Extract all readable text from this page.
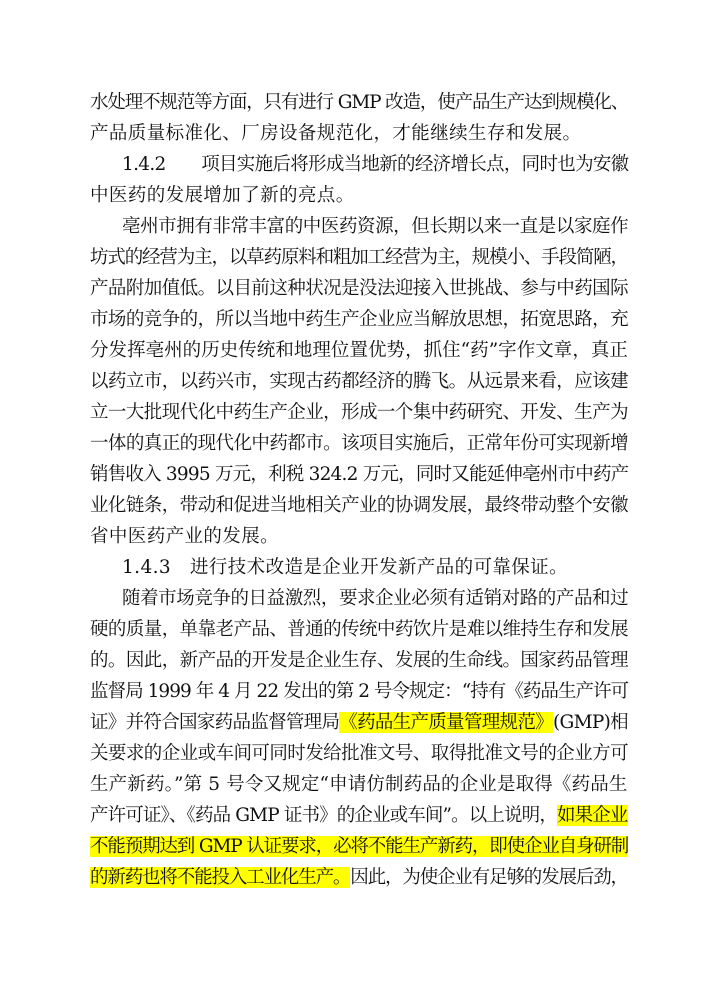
水处理不规范等方面，只有进行 GMP 改造，使产品生产达到规模化、
产品质量标准化、厂房设备规范化，才能继续生存和发展。
1.4.2　　项目实施后将形成当地新的经济增长点，同时也为安徽
中医药的发展增加了新的亮点。
亳州市拥有非常丰富的中医药资源，但长期以来一直是以家庭作
坊式的经营为主，以草药原料和粗加工经营为主，规模小、手段简陋，
产品附加值低。以目前这种状况是没法迎接入世挑战、参与中药国际
市场的竞争的，所以当地中药生产企业应当解放思想，拓宽思路，充
分发挥亳州的历史传统和地理位置优势，抓住“药”字作文章，真正
以药立市，以药兴市，实现古药都经济的腾飞。从远景来看，应该建
立一大批现代化中药生产企业，形成一个集中药研究、开发、生产为
一体的真正的现代化中药都市。该项目实施后，正常年份可实现新增
销售收入 3995 万元，利税 324.2 万元，同时又能延伸亳州市中药产
业化链条，带动和促进当地相关产业的协调发展，最终带动整个安徽
省中医药产业的发展。
1.4.3　进行技术改造是企业开发新产品的可靠保证。
随着市场竞争的日益激烈，要求企业必须有适销对路的产品和过
硬的质量，单靠老产品、普通的传统中药饮片是难以维持生存和发展
的。因此，新产品的开发是企业生存、发展的生命线。国家药品管理
监督局 1999 年 4 月 22 发出的第 2 号令规定：“持有《药品生产许可
证》并符合国家药品监督管理局《药品生产质量管理规范》(GMP)相
关要求的企业或车间可同时发给批准文号、取得批准文号的企业方可
生产新药。”第 5 号令又规定“申请仿制药品的企业是取得《药品生
产许可证》、《药品 GMP 证书》的企业或车间”。以上说明，如果企业
不能预期达到 GMP 认证要求，必将不能生产新药，即使企业自身研制
的新药也将不能投入工业化生产。因此，为使企业有足够的发展后劲，
